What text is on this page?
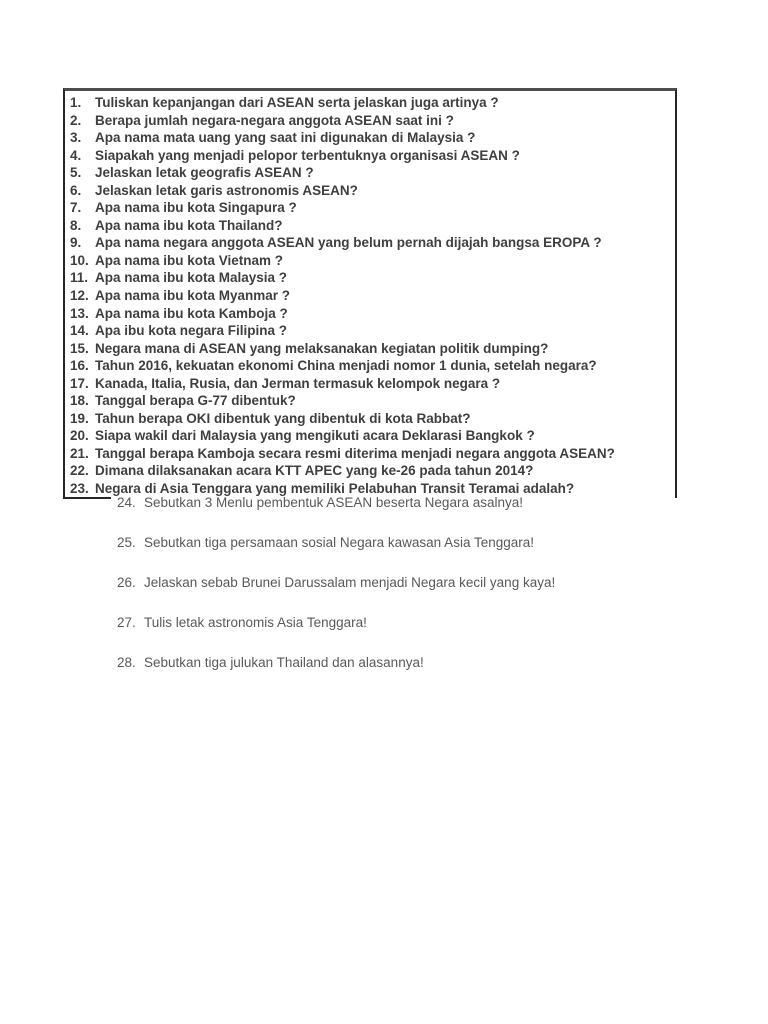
1.	Tuliskan kepanjangan dari ASEAN serta jelaskan juga artinya ?
2.	Berapa jumlah negara-negara anggota ASEAN saat ini ?
3.	Apa nama mata uang yang saat ini digunakan di Malaysia ?
4.	Siapakah yang menjadi pelopor terbentuknya organisasi ASEAN ?
5.	Jelaskan letak geografis ASEAN ?
6.	Jelaskan letak garis astronomis ASEAN?
7.	Apa nama ibu kota Singapura ?
8.	Apa nama ibu kota Thailand?
9.	Apa nama negara anggota ASEAN yang belum pernah dijajah bangsa EROPA ?
10. Apa nama ibu kota Vietnam ?
11. Apa nama ibu kota Malaysia ?
12. Apa nama ibu kota Myanmar ?
13. Apa nama ibu kota Kamboja ?
14. Apa ibu kota negara Filipina ?
15. Negara mana di ASEAN yang melaksanakan kegiatan politik dumping?
16. Tahun 2016, kekuatan ekonomi China menjadi nomor 1 dunia, setelah negara?
17. Kanada, Italia, Rusia, dan Jerman termasuk kelompok negara ?
18. Tanggal berapa G-77 dibentuk?
19. Tahun berapa OKI dibentuk yang dibentuk di kota Rabbat?
20. Siapa wakil dari Malaysia yang mengikuti acara Deklarasi Bangkok ?
21. Tanggal berapa Kamboja secara resmi diterima menjadi negara anggota ASEAN?
22. Dimana dilaksanakan acara KTT APEC yang ke-26 pada tahun 2014?
23. Negara di Asia Tenggara yang memiliki Pelabuhan Transit Teramai adalah?
24. Sebutkan 3 Menlu pembentuk ASEAN beserta Negara asalnya!
25. Sebutkan tiga persamaan sosial Negara kawasan Asia Tenggara!
26. Jelaskan sebab Brunei Darussalam menjadi Negara kecil yang kaya!
27. Tulis letak astronomis Asia Tenggara!
28. Sebutkan tiga julukan Thailand dan alasannya!
